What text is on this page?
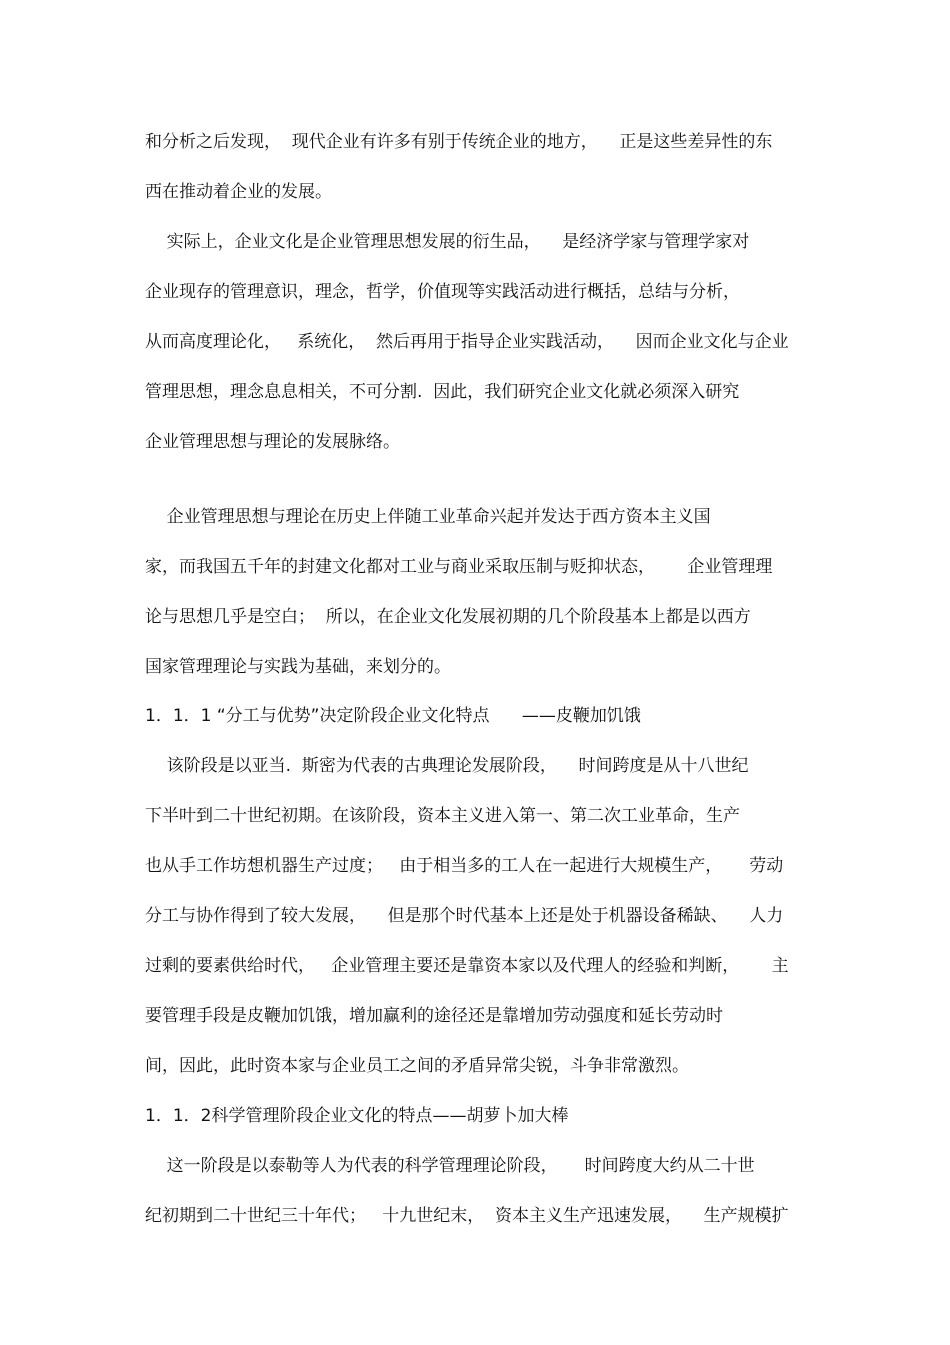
和分析之后发现，  现代企业有许多有别于传统企业的地方，    正是这些差异性的东
西在推动着企业的发展。
实际上，企业文化是企业管理思想发展的衍生品，    是经济学家与管理学家对
企业现存的管理意识，理念，哲学，价值现等实践活动进行概括，总结与分析，
从而高度理论化，   系统化，  然后再用于指导企业实践活动，    因而企业文化与企业
管理思想，理念息息相关，不可分割.  因此，我们研究企业文化就必须深入研究
企业管理思想与理论的发展脉络。
企业管理思想与理论在历史上伴随工业革命兴起并发达于西方资本主义国
家，而我国五千年的封建文化都对工业与商业采取压制与贬抑状态，      企业管理理
论与思想几乎是空白；  所以，在企业文化发展初期的几个阶段基本上都是以西方
国家管理理论与实践为基础，来划分的。
1．1．1 “分工与优势”决定阶段企业文化特点      ——皮鞭加饥饿
该阶段是以亚当.  斯密为代表的古典理论发展阶段，    时间跨度是从十八世纪
下半叶到二十世纪初期。在该阶段，资本主义进入第一、第二次工业革命，生产
也从手工作坊想机器生产过度；   由于相当多的工人在一起进行大规模生产，     劳动
分工与协作得到了较大发展，    但是那个时代基本上还是处于机器设备稀缺、    人力
过剩的要素供给时代，   企业管理主要还是靠资本家以及代理人的经验和判断，      主
要管理手段是皮鞭加饥饿，增加赢利的途径还是靠增加劳动强度和延长劳动时
间，因此，此时资本家与企业员工之间的矛盾异常尖锐，斗争非常激烈。
1．1．2科学管理阶段企业文化的特点——胡萝卜加大棒
这一阶段是以泰勒等人为代表的科学管理理论阶段，     时间跨度大约从二十世
纪初期到二十世纪三十年代；   十九世纪末，  资本主义生产迅速发展，    生产规模扩
